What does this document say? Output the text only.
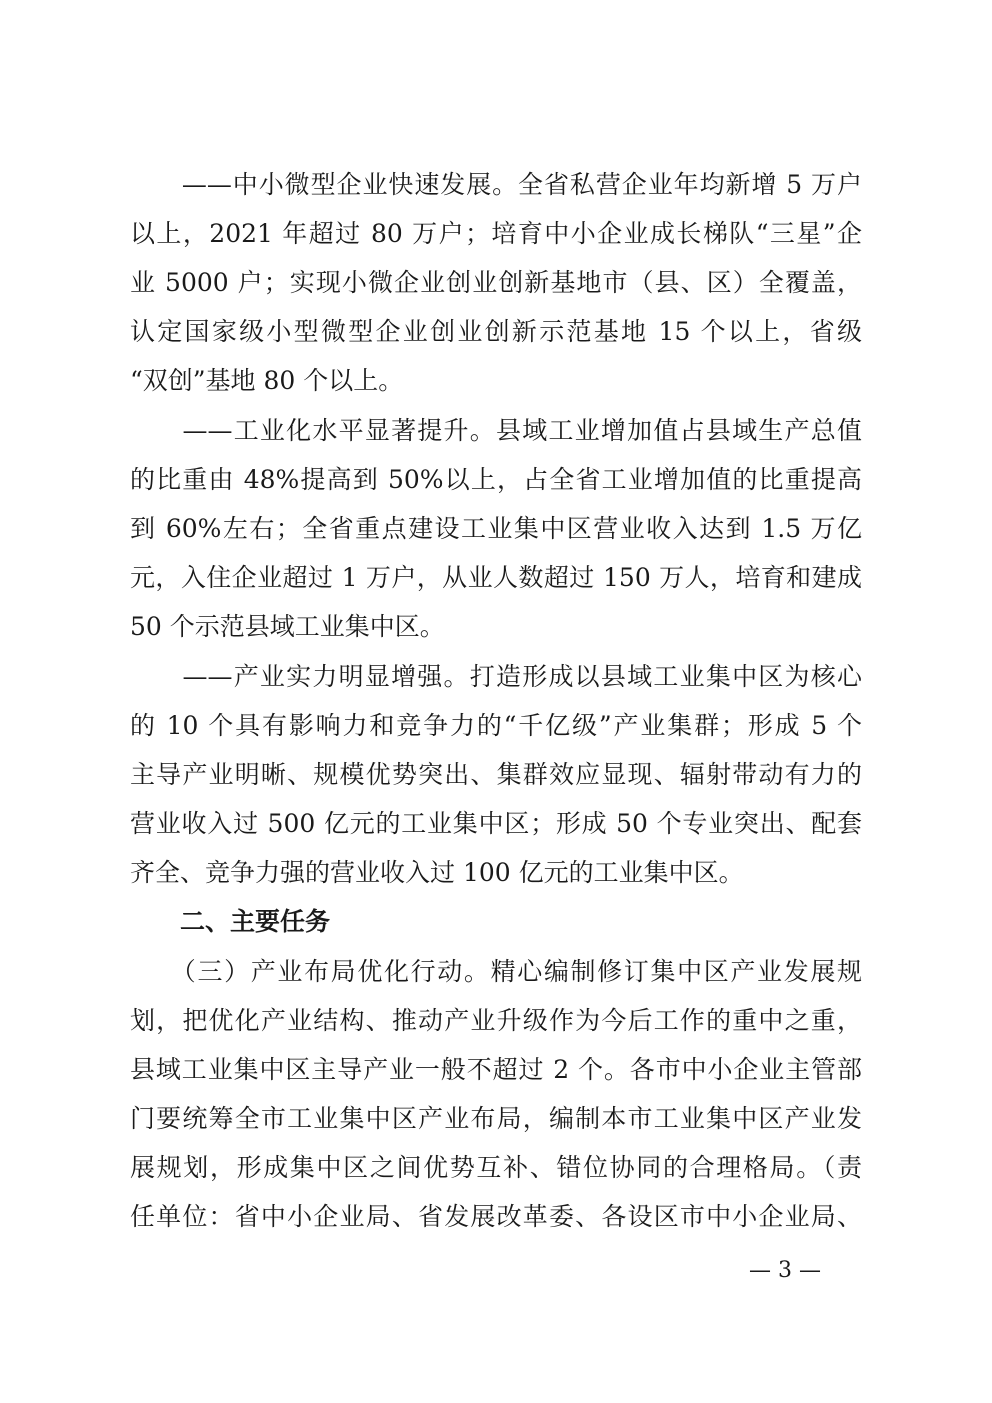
　　——中小微型企业快速发展。全省私营企业年均新增 5 万户
以上，2021 年超过 80 万户；培育中小企业成长梯队“三星”企
业 5000 户；实现小微企业创业创新基地市（县、区）全覆盖，
认定国家级小型微型企业创业创新示范基地 15 个以上，省级
“双创”基地 80 个以上。
　　——工业化水平显著提升。县域工业增加值占县域生产总值
的比重由 48%提高到 50%以上，占全省工业增加值的比重提高
到 60%左右；全省重点建设工业集中区营业收入达到 1.5 万亿
元，入住企业超过 1 万户，从业人数超过 150 万人，培育和建成
50 个示范县域工业集中区。
　　——产业实力明显增强。打造形成以县域工业集中区为核心
的 10 个具有影响力和竞争力的“千亿级”产业集群；形成 5 个
主导产业明晰、规模优势突出、集群效应显现、辐射带动有力的
营业收入过 500 亿元的工业集中区；形成 50 个专业突出、配套
齐全、竞争力强的营业收入过 100 亿元的工业集中区。
　　二、主要任务
　　（三）产业布局优化行动。精心编制修订集中区产业发展规
划，把优化产业结构、推动产业升级作为今后工作的重中之重，
县域工业集中区主导产业一般不超过 2 个。各市中小企业主管部
门要统筹全市工业集中区产业布局，编制本市工业集中区产业发
展规划，形成集中区之间优势互补、错位协同的合理格局。（责
任单位：省中小企业局、省发展改革委、各设区市中小企业局、
— 3 —
